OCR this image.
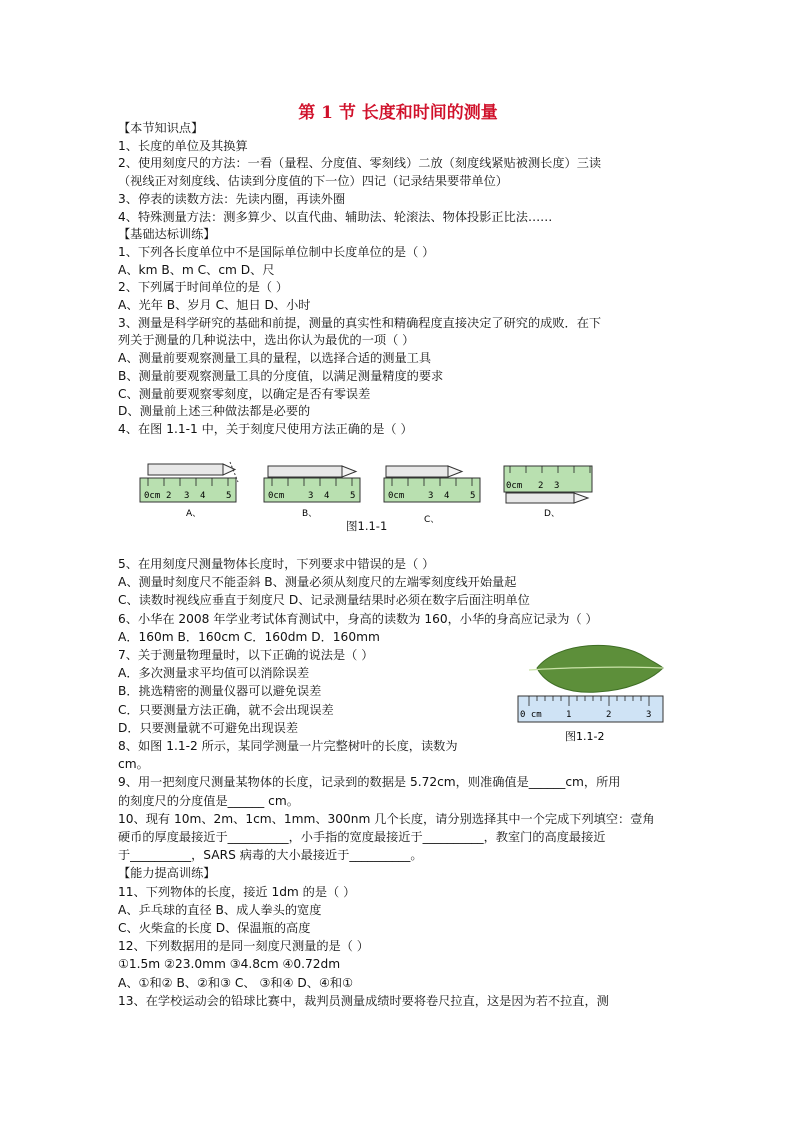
第 1 节 长度和时间的测量
【本节知识点】
1、长度的单位及其换算
2、使用刻度尺的方法：一看（量程、分度值、零刻线）二放（刻度线紧贴被测长度）三读
（视线正对刻度线、估读到分度值的下一位）四记（记录结果要带单位）
3、停表的读数方法：先读内圈，再读外圈
4、特殊测量方法：测多算少、以直代曲、辅助法、轮滚法、物体投影正比法……
【基础达标训练】
1、下列各长度单位中不是国际单位制中长度单位的是（ ）
A、km B、m C、cm D、尺
2、下列属于时间单位的是（ ）
A、光年 B、岁月 C、旭日 D、小时
3、测量是科学研究的基础和前提，测量的真实性和精确程度直接决定了研究的成败．在下
列关于测量的几种说法中，选出你认为最优的一项（ ）
A、测量前要观察测量工具的量程，以选择合适的测量工具
B、测量前要观察测量工具的分度值，以满足测量精度的要求
C、测量前要观察零刻度，以确定是否有零误差
D、测量前上述三种做法都是必要的
4、在图 1.1-1 中，关于刻度尺使用方法正确的是（ ）
5、在用刻度尺测量物体长度时，下列要求中错误的是（ ）
A、测量时刻度尺不能歪斜 B、测量必须从刻度尺的左端零刻度线开始量起
C、读数时视线应垂直于刻度尺 D、记录测量结果时必须在数字后面注明单位
6、小华在 2008 年学业考试体育测试中，身高的读数为 160，小华的身高应记录为（ ）
A．160m B．160cm C．160dm D．160mm
7、关于测量物理量时，以下正确的说法是（ ）
A．多次测量求平均值可以消除误差
B．挑选精密的测量仪器可以避免误差
C．只要测量方法正确，就不会出现误差
D．只要测量就不可避免出现误差
8、如图 1.1-2 所示，某同学测量一片完整树叶的长度，读数为
cm。
9、用一把刻度尺测量某物体的长度，记录到的数据是 5.72cm，则准确值是______cm，所用
的刻度尺的分度值是______ cm。
10、现有 10m、2m、1cm、1mm、300nm 几个长度，请分别选择其中一个完成下列填空：壹角
硬币的厚度最接近于__________，小手指的宽度最接近于__________，教室门的高度最接近
于__________，SARS 病毒的大小最接近于__________。
【能力提高训练】
11、下列物体的长度，接近 1dm 的是（ ）
A、乒乓球的直径 B、成人拳头的宽度
C、火柴盒的长度 D、保温瓶的高度
12、下列数据用的是同一刻度尺测量的是（ ）
①1.5m ②23.0mm ③4.8cm ④0.72dm
A、①和② B、②和③ C、 ③和④ D、④和①
13、在学校运动会的铅球比赛中，裁判员测量成绩时要将卷尺拉直，这是因为若不拉直，测
0cm 2 3 4 5
A、
0cm	3 4 5
B、
0cm	3 4 5
C、
0cm 2 3
D、
图1.1-1
0 cm	1	2	3
图1.1-2
